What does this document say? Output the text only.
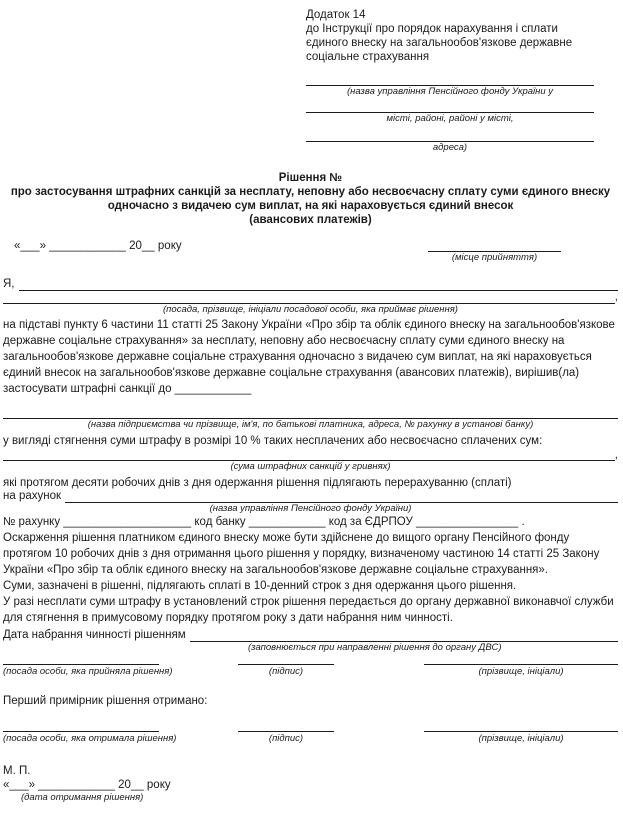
Додаток 14
до Інструкції про порядок нарахування і сплати єдиного внеску на загальнообов'язкове державне соціальне страхування
(назва управління Пенсійного фонду України у
місті, районі, районі у місті,
адреса)
Рішення №
про застосування штрафних санкцій за несплату, неповну або несвоєчасну сплату суми єдиного внеску одночасно з видачею сум виплат, на які нараховується єдиний внесок
(авансових платежів)
«___» ____________ 20__ року
(місце прийняття)
Я,
,
(посада, прізвище, ініціали посадової особи, яка приймає рішення)
на підставі пункту 6 частини 11 статті 25 Закону України «Про збір та облік єдиного внеску на загальнообов'язкове державне соціальне страхування» за несплату, неповну або несвоєчасну сплату суми єдиного внеску на загальнообов'язкове державне соціальне страхування одночасно з видачею сум виплат, на які нараховується єдиний внесок на загальнообов'язкове державне соціальне страхування (авансових платежів), вирішив(ла) застосувати штрафні санкції до ____________
(назва підприємства чи прізвище, ім'я, по батькові платника, адреса, № рахунку в установі банку)
у вигляді стягнення суми штрафу в розмірі 10 % таких несплачених або несвоєчасно сплачених сум:
,
(сума штрафних санкцій у гривнях)
які протягом десяти робочих днів з дня одержання рішення підлягають перерахуванню (сплаті)
на рахунок
(назва управління Пенсійного фонду України)
№ рахунку ____________________ код банку ____________ код за ЄДРПОУ ________________ .
Оскарження рішення платником єдиного внеску може бути здійснене до вищого органу Пенсійного фонду протягом 10 робочих днів з дня отримання цього рішення у порядку, визначеному частиною 14 статті 25 Закону України «Про збір та облік єдиного внеску на загальнообов'язкове державне соціальне страхування».
Суми, зазначені в рішенні, підлягають сплаті в 10-денний строк з дня одержання цього рішення.
У разі несплати суми штрафу в установлений строк рішення передається до органу державної виконавчої служби для стягнення в примусовому порядку протягом року з дати набрання ним чинності.
Дата набрання чинності рішенням
(заповнюється при направленні рішення до органу ДВС)
(посада особи, яка прийняла рішення)	(підпис)	(прізвище, ініціали)
Перший примірник рішення отримано:
(посада особи, яка отримала рішення)	(підпис)	(прізвище, ініціали)
М. П.
«___» ____________ 20__ року
(дата отримання рішення)
